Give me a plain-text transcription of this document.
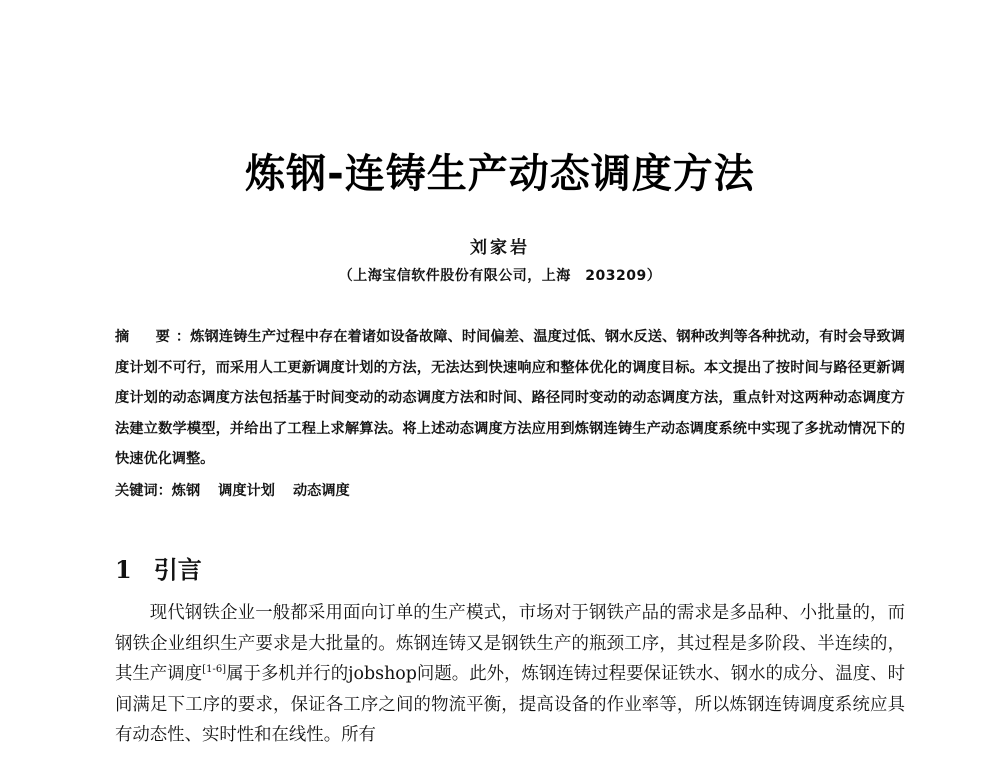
炼钢-连铸生产动态调度方法
刘家岩
（上海宝信软件股份有限公司，上海　203209）
摘　要：炼钢连铸生产过程中存在着诸如设备故障、时间偏差、温度过低、钢水反送、钢种改判等各种扰动，有时会导致调度计划不可行，而采用人工更新调度计划的方法，无法达到快速响应和整体优化的调度目标。本文提出了按时间与路径更新调度计划的动态调度方法包括基于时间变动的动态调度方法和时间、路径同时变动的动态调度方法，重点针对这两种动态调度方法建立数学模型，并给出了工程上求解算法。将上述动态调度方法应用到炼钢连铸生产动态调度系统中实现了多扰动情况下的快速优化调整。
关键词：炼钢 调度计划 动态调度
1 引言

现代钢铁企业一般都采用面向订单的生产模式，市场对于钢铁产品的需求是多品种、小批量的，而钢铁企业组织生产要求是大批量的。炼钢连铸又是钢铁生产的瓶颈工序，其过程是多阶段、半连续的，其生产调度[1-6]属于多机并行的jobshop问题。此外，炼钢连铸过程要保证铁水、钢水的成分、温度、时间满足下工序的要求，保证各工序之间的物流平衡，提高设备的作业率等，所以炼钢连铸调度系统应具有动态性、实时性和在线性。所有
